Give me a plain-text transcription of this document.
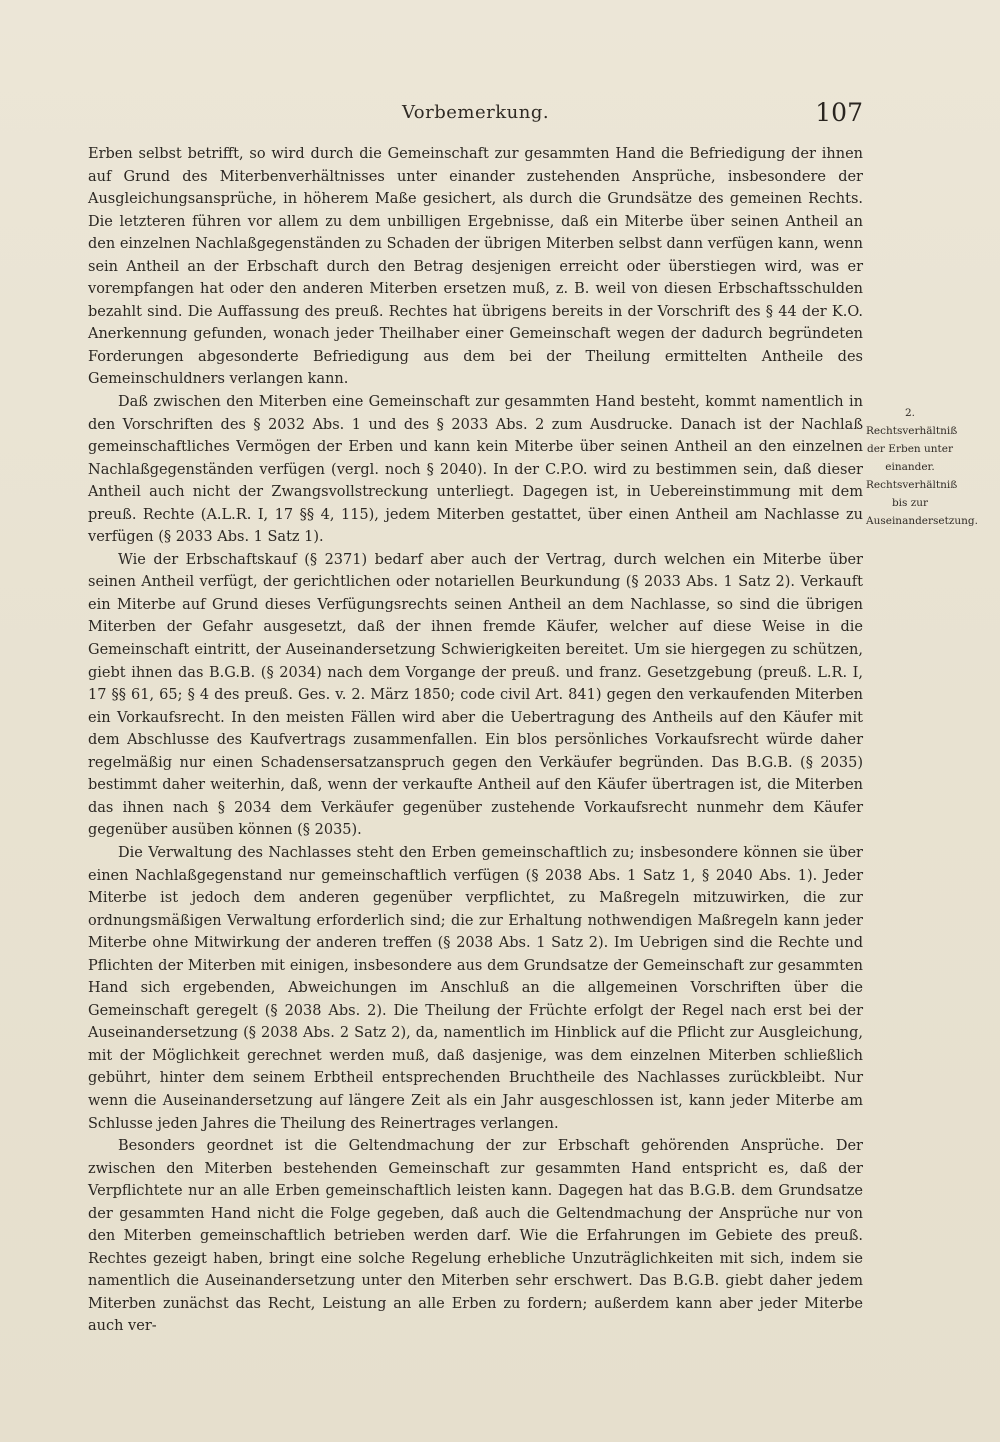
Vorbemerkung.	107

Erben selbst betrifft, so wird durch die Gemeinschaft zur gesammten Hand die Befriedigung der ihnen auf Grund des Miterbenverhältnisses unter einander zustehenden Ansprüche, insbesondere der Ausgleichungsansprüche, in höherem Maße gesichert, als durch die Grundsätze des gemeinen Rechts. Die letzteren führen vor allem zu dem unbilligen Ergebnisse, daß ein Miterbe über seinen Antheil an den einzelnen Nachlaßgegenständen zu Schaden der übrigen Miterben selbst dann verfügen kann, wenn sein Antheil an der Erbschaft durch den Betrag desjenigen erreicht oder überstiegen wird, was er vorempfangen hat oder den anderen Miterben ersetzen muß, z. B. weil von diesen Erbschaftsschulden bezahlt sind. Die Auffassung des preuß. Rechtes hat übrigens bereits in der Vorschrift des § 44 der K.O. Anerkennung gefunden, wonach jeder Theilhaber einer Gemeinschaft wegen der dadurch begründeten Forderungen abgesonderte Befriedigung aus dem bei der Theilung ermittelten Antheile des Gemeinschuldners verlangen kann.

Daß zwischen den Miterben eine Gemeinschaft zur gesammten Hand besteht, kommt namentlich in den Vorschriften des § 2032 Abs. 1 und des § 2033 Abs. 2 zum Ausdrucke. Danach ist der Nachlaß gemeinschaftliches Vermögen der Erben und kann kein Miterbe über seinen Antheil an den einzelnen Nachlaßgegenständen verfügen (vergl. noch § 2040). In der C.P.O. wird zu bestimmen sein, daß dieser Antheil auch nicht der Zwangsvollstreckung unterliegt. Dagegen ist, in Uebereinstimmung mit dem preuß. Rechte (A.L.R. I, 17 §§ 4, 115), jedem Miterben gestattet, über einen Antheil am Nachlasse zu verfügen (§ 2033 Abs. 1 Satz 1).

Wie der Erbschaftskauf (§ 2371) bedarf aber auch der Vertrag, durch welchen ein Miterbe über seinen Antheil verfügt, der gerichtlichen oder notariellen Beurkundung (§ 2033 Abs. 1 Satz 2). Verkauft ein Miterbe auf Grund dieses Verfügungsrechts seinen Antheil an dem Nachlasse, so sind die übrigen Miterben der Gefahr ausgesetzt, daß der ihnen fremde Käufer, welcher auf diese Weise in die Gemeinschaft eintritt, der Auseinandersetzung Schwierigkeiten bereitet. Um sie hiergegen zu schützen, giebt ihnen das B.G.B. (§ 2034) nach dem Vorgange der preuß. und franz. Gesetzgebung (preuß. L.R. I, 17 §§ 61, 65; § 4 des preuß. Ges. v. 2. März 1850; code civil Art. 841) gegen den verkaufenden Miterben ein Vorkaufsrecht. In den meisten Fällen wird aber die Uebertragung des Antheils auf den Käufer mit dem Abschlusse des Kaufvertrags zusammenfallen. Ein blos persönliches Vorkaufsrecht würde daher regelmäßig nur einen Schadensersatzanspruch gegen den Verkäufer begründen. Das B.G.B. (§ 2035) bestimmt daher weiterhin, daß, wenn der verkaufte Antheil auf den Käufer übertragen ist, die Miterben das ihnen nach § 2034 dem Verkäufer gegenüber zustehende Vorkaufsrecht nunmehr dem Käufer gegenüber ausüben können (§ 2035).

Die Verwaltung des Nachlasses steht den Erben gemeinschaftlich zu; insbesondere können sie über einen Nachlaßgegenstand nur gemeinschaftlich verfügen (§ 2038 Abs. 1 Satz 1, § 2040 Abs. 1). Jeder Miterbe ist jedoch dem anderen gegenüber verpflichtet, zu Maßregeln mitzuwirken, die zur ordnungsmäßigen Verwaltung erforderlich sind; die zur Erhaltung nothwendigen Maßregeln kann jeder Miterbe ohne Mitwirkung der anderen treffen (§ 2038 Abs. 1 Satz 2). Im Uebrigen sind die Rechte und Pflichten der Miterben mit einigen, insbesondere aus dem Grundsatze der Gemeinschaft zur gesammten Hand sich ergebenden, Abweichungen im Anschluß an die allgemeinen Vorschriften über die Gemeinschaft geregelt (§ 2038 Abs. 2). Die Theilung der Früchte erfolgt der Regel nach erst bei der Auseinandersetzung (§ 2038 Abs. 2 Satz 2), da, namentlich im Hinblick auf die Pflicht zur Ausgleichung, mit der Möglichkeit gerechnet werden muß, daß dasjenige, was dem einzelnen Miterben schließlich gebührt, hinter dem seinem Erbtheil entsprechenden Bruchtheile des Nachlasses zurückbleibt. Nur wenn die Auseinandersetzung auf längere Zeit als ein Jahr ausgeschlossen ist, kann jeder Miterbe am Schlusse jeden Jahres die Theilung des Reinertrages verlangen.

Besonders geordnet ist die Geltendmachung der zur Erbschaft gehörenden Ansprüche. Der zwischen den Miterben bestehenden Gemeinschaft zur gesammten Hand entspricht es, daß der Verpflichtete nur an alle Erben gemeinschaftlich leisten kann. Dagegen hat das B.G.B. dem Grundsatze der gesammten Hand nicht die Folge gegeben, daß auch die Geltendmachung der Ansprüche nur von den Miterben gemeinschaftlich betrieben werden darf. Wie die Erfahrungen im Gebiete des preuß. Rechtes gezeigt haben, bringt eine solche Regelung erhebliche Unzuträglichkeiten mit sich, indem sie namentlich die Auseinandersetzung unter den Miterben sehr erschwert. Das B.G.B. giebt daher jedem Miterben zunächst das Recht, Leistung an alle Erben zu fordern; außerdem kann aber jeder Miterbe auch ver-

2. Rechtsverhältniß der Erben unter einander. Rechtsverhältniß bis zur Auseinandersetzung.
